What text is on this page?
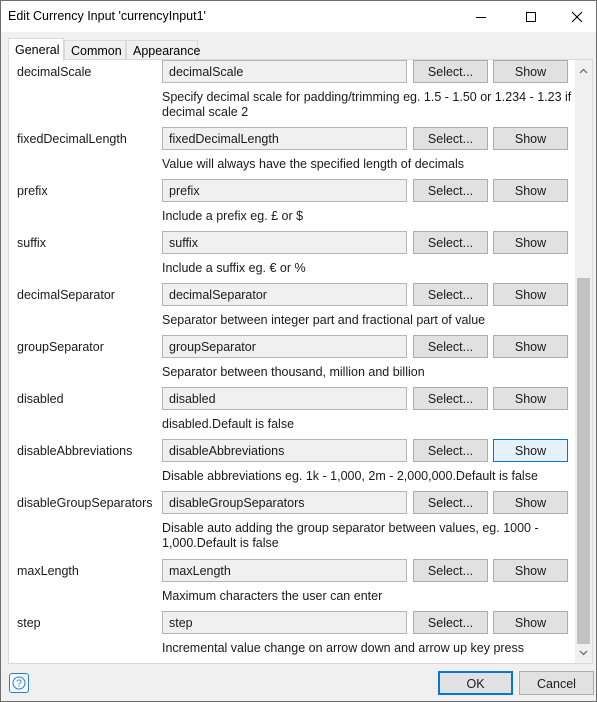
Edit Currency Input 'currencyInput1'
General Common Appearance
decimalScale	decimalScale	Select...	Show
Specify decimal scale for padding/trimming eg. 1.5 - 1.50 or 1.234 - 1.23 if decimal scale 2
fixedDecimalLength	fixedDecimalLength	Select...	Show
Value will always have the specified length of decimals
prefix	prefix	Select...	Show
Include a prefix eg. £ or $
suffix	suffix	Select...	Show
Include a suffix eg. € or %
decimalSeparator	decimalSeparator	Select...	Show
Separator between integer part and fractional part of value
groupSeparator	groupSeparator	Select...	Show
Separator between thousand, million and billion
disabled	disabled	Select...	Show
disabled.Default is false
disableAbbreviations	disableAbbreviations	Select...	Show
Disable abbreviations eg. 1k - 1,000, 2m - 2,000,000.Default is false
disableGroupSeparators	disableGroupSeparators	Select...	Show
Disable auto adding the group separator between values, eg. 1000 - 1,000.Default is false
maxLength	maxLength	Select...	Show
Maximum characters the user can enter
step	step	Select...	Show
Incremental value change on arrow down and arrow up key press
?	OK	Cancel
